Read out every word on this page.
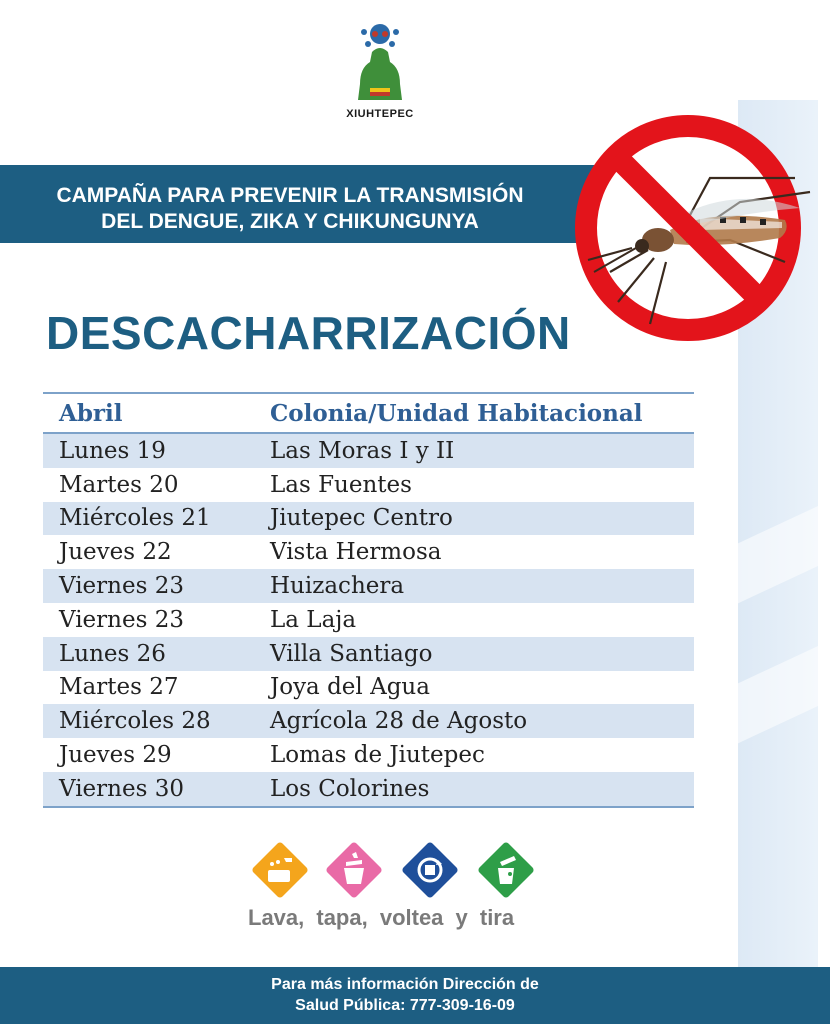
XIUHTEPEC
CAMPAÑA PARA PREVENIR LA TRANSMISIÓN
DEL DENGUE, ZIKA Y CHIKUNGUNYA
DESCACHARRIZACIÓN
Abril	Colonia/Unidad Habitacional
Lunes 19	Las Moras I y II
Martes 20	Las Fuentes
Miércoles 21	Jiutepec Centro
Jueves 22	Vista Hermosa
Viernes 23	Huizachera
Viernes 23	La Laja
Lunes 26	Villa Santiago
Martes 27	Joya del Agua
Miércoles 28	Agrícola 28 de Agosto
Jueves 29	Lomas de Jiutepec
Viernes 30	Los Colorines
Lava, tapa, voltea y tira
Para más información Dirección de
Salud Pública: 777-309-16-09
